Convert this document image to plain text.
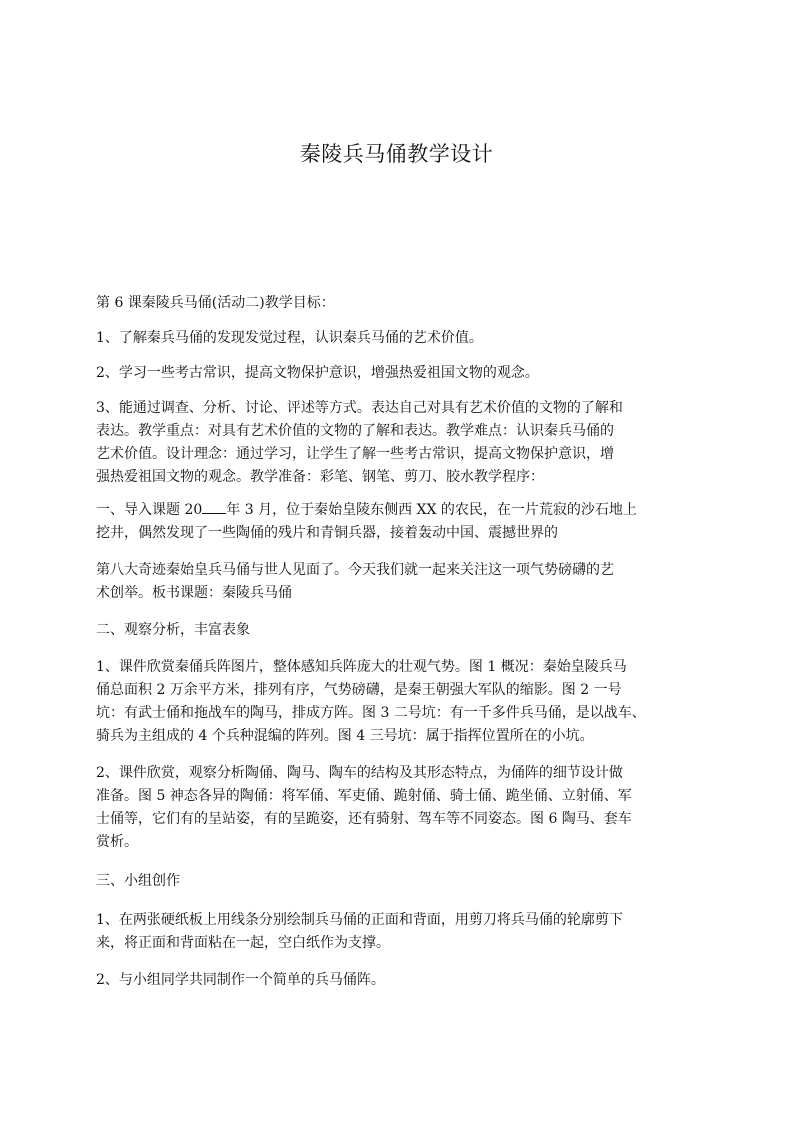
秦陵兵马俑教学设计

第 6 课秦陵兵马俑(活动二)教学目标：

1、了解秦兵马俑的发现发觉过程，认识秦兵马俑的艺术价值。

2、学习一些考古常识，提高文物保护意识，增强热爱祖国文物的观念。

3、能通过调查、分析、讨论、评述等方式。表达自己对具有艺术价值的文物的了解和
表达。教学重点：对具有艺术价值的文物的了解和表达。教学难点：认识秦兵马俑的
艺术价值。设计理念：通过学习，让学生了解一些考古常识，提高文物保护意识，增
强热爱祖国文物的观念。教学准备：彩笔、钢笔、剪刀、胶水教学程序：

一、导入课题 20 年 3 月，位于秦始皇陵东侧西 XX 的农民，在一片荒寂的沙石地上
挖井，偶然发现了一些陶俑的残片和青铜兵器，接着轰动中国、震撼世界的

第八大奇迹秦始皇兵马俑与世人见面了。今天我们就一起来关注这一项气势磅礴的艺
术创举。板书课题：秦陵兵马俑

二、观察分析，丰富表象

1、课件欣赏秦俑兵阵图片，整体感知兵阵庞大的壮观气势。图 1 概况：秦始皇陵兵马
俑总面积 2 万余平方米，排列有序，气势磅礴，是秦王朝强大军队的缩影。图 2 一号
坑：有武士俑和拖战车的陶马，排成方阵。图 3 二号坑：有一千多件兵马俑，是以战车、
骑兵为主组成的 4 个兵种混编的阵列。图 4 三号坑：属于指挥位置所在的小坑。

2、课件欣赏，观察分析陶俑、陶马、陶车的结构及其形态特点，为俑阵的细节设计做
准备。图 5 神态各异的陶俑：将军俑、军吏俑、跪射俑、骑士俑、跪坐俑、立射俑、军
士俑等，它们有的呈站姿，有的呈跪姿，还有骑射、驾车等不同姿态。图 6 陶马、套车
赏析。

三、小组创作

1、在两张硬纸板上用线条分别绘制兵马俑的正面和背面，用剪刀将兵马俑的轮廓剪下
来，将正面和背面粘在一起，空白纸作为支撑。

2、与小组同学共同制作一个简单的兵马俑阵。
